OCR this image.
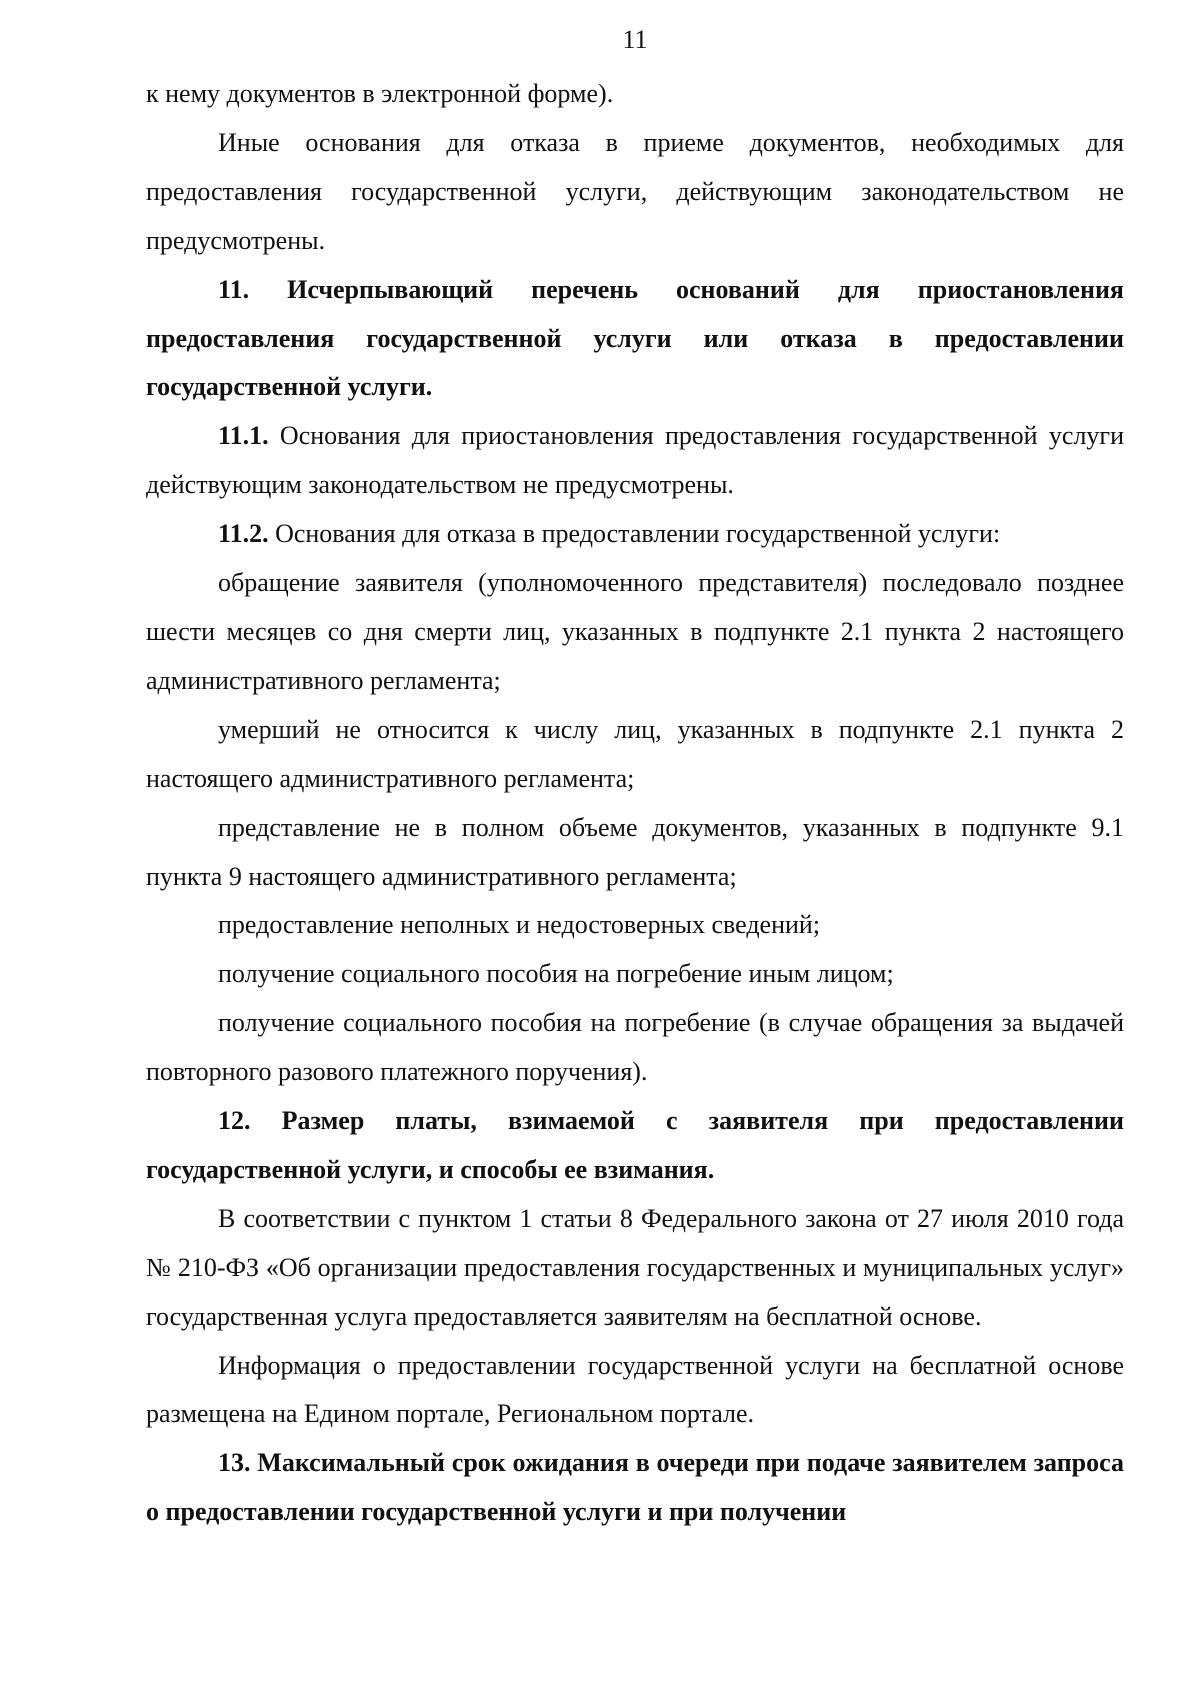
11

к нему документов в электронной форме).

Иные основания для отказа в приеме документов, необходимых для предоставления государственной услуги, действующим законодательством не предусмотрены.

11. Исчерпывающий перечень оснований для приостановления предоставления государственной услуги или отказа в предоставлении государственной услуги.

11.1. Основания для приостановления предоставления государственной услуги действующим законодательством не предусмотрены.

11.2. Основания для отказа в предоставлении государственной услуги:

обращение заявителя (уполномоченного представителя) последовало позднее шести месяцев со дня смерти лиц, указанных в подпункте 2.1 пункта 2 настоящего административного регламента;

умерший не относится к числу лиц, указанных в подпункте 2.1 пункта 2 настоящего административного регламента;

представление не в полном объеме документов, указанных в подпункте 9.1 пункта 9 настоящего административного регламента;

предоставление неполных и недостоверных сведений;

получение социального пособия на погребение иным лицом;

получение социального пособия на погребение (в случае обращения за выдачей повторного разового платежного поручения).

12. Размер платы, взимаемой с заявителя при предоставлении государственной услуги, и способы ее взимания.

В соответствии с пунктом 1 статьи 8 Федерального закона от 27 июля 2010 года № 210-ФЗ «Об организации предоставления государственных и муниципальных услуг» государственная услуга предоставляется заявителям на бесплатной основе.

Информация о предоставлении государственной услуги на бесплатной основе размещена на Едином портале, Региональном портале.

13. Максимальный срок ожидания в очереди при подаче заявителем запроса о предоставлении государственной услуги и при получении
